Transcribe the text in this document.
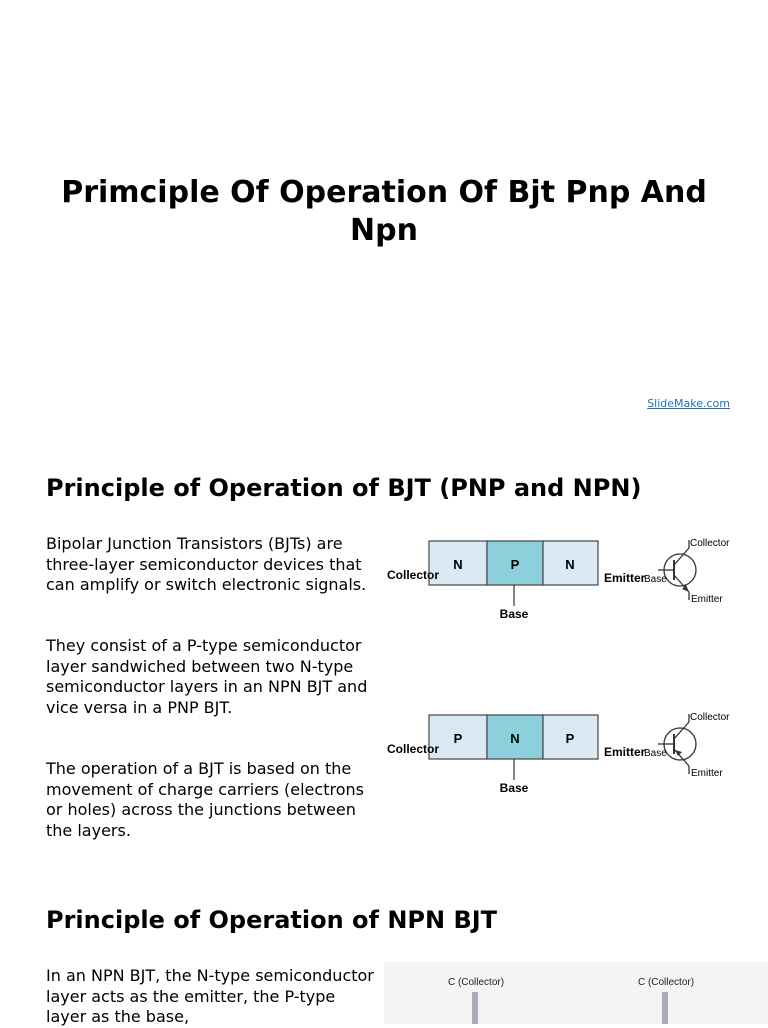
Primciple Of Operation Of Bjt Pnp And Npn
SlideMake.com
Principle of Operation of BJT (PNP and NPN)

Bipolar Junction Transistors (BJTs) are three-layer semiconductor devices that can amplify or switch electronic signals.

They consist of a P-type semiconductor layer sandwiched between two N-type semiconductor layers in an NPN BJT and vice versa in a PNP BJT.

The operation of a BJT is based on the movement of charge carriers (electrons or holes) across the junctions between the layers.

N	P	N
Collector	Emitter
Base
Collector
Base
Emitter
P	N	P
Collector	Emitter
Base
Collector
Base
Emitter
Principle of Operation of NPN BJT

In an NPN BJT, the N-type semiconductor layer acts as the emitter, the P-type layer as the base,

C (Collector)	C (Collector)
